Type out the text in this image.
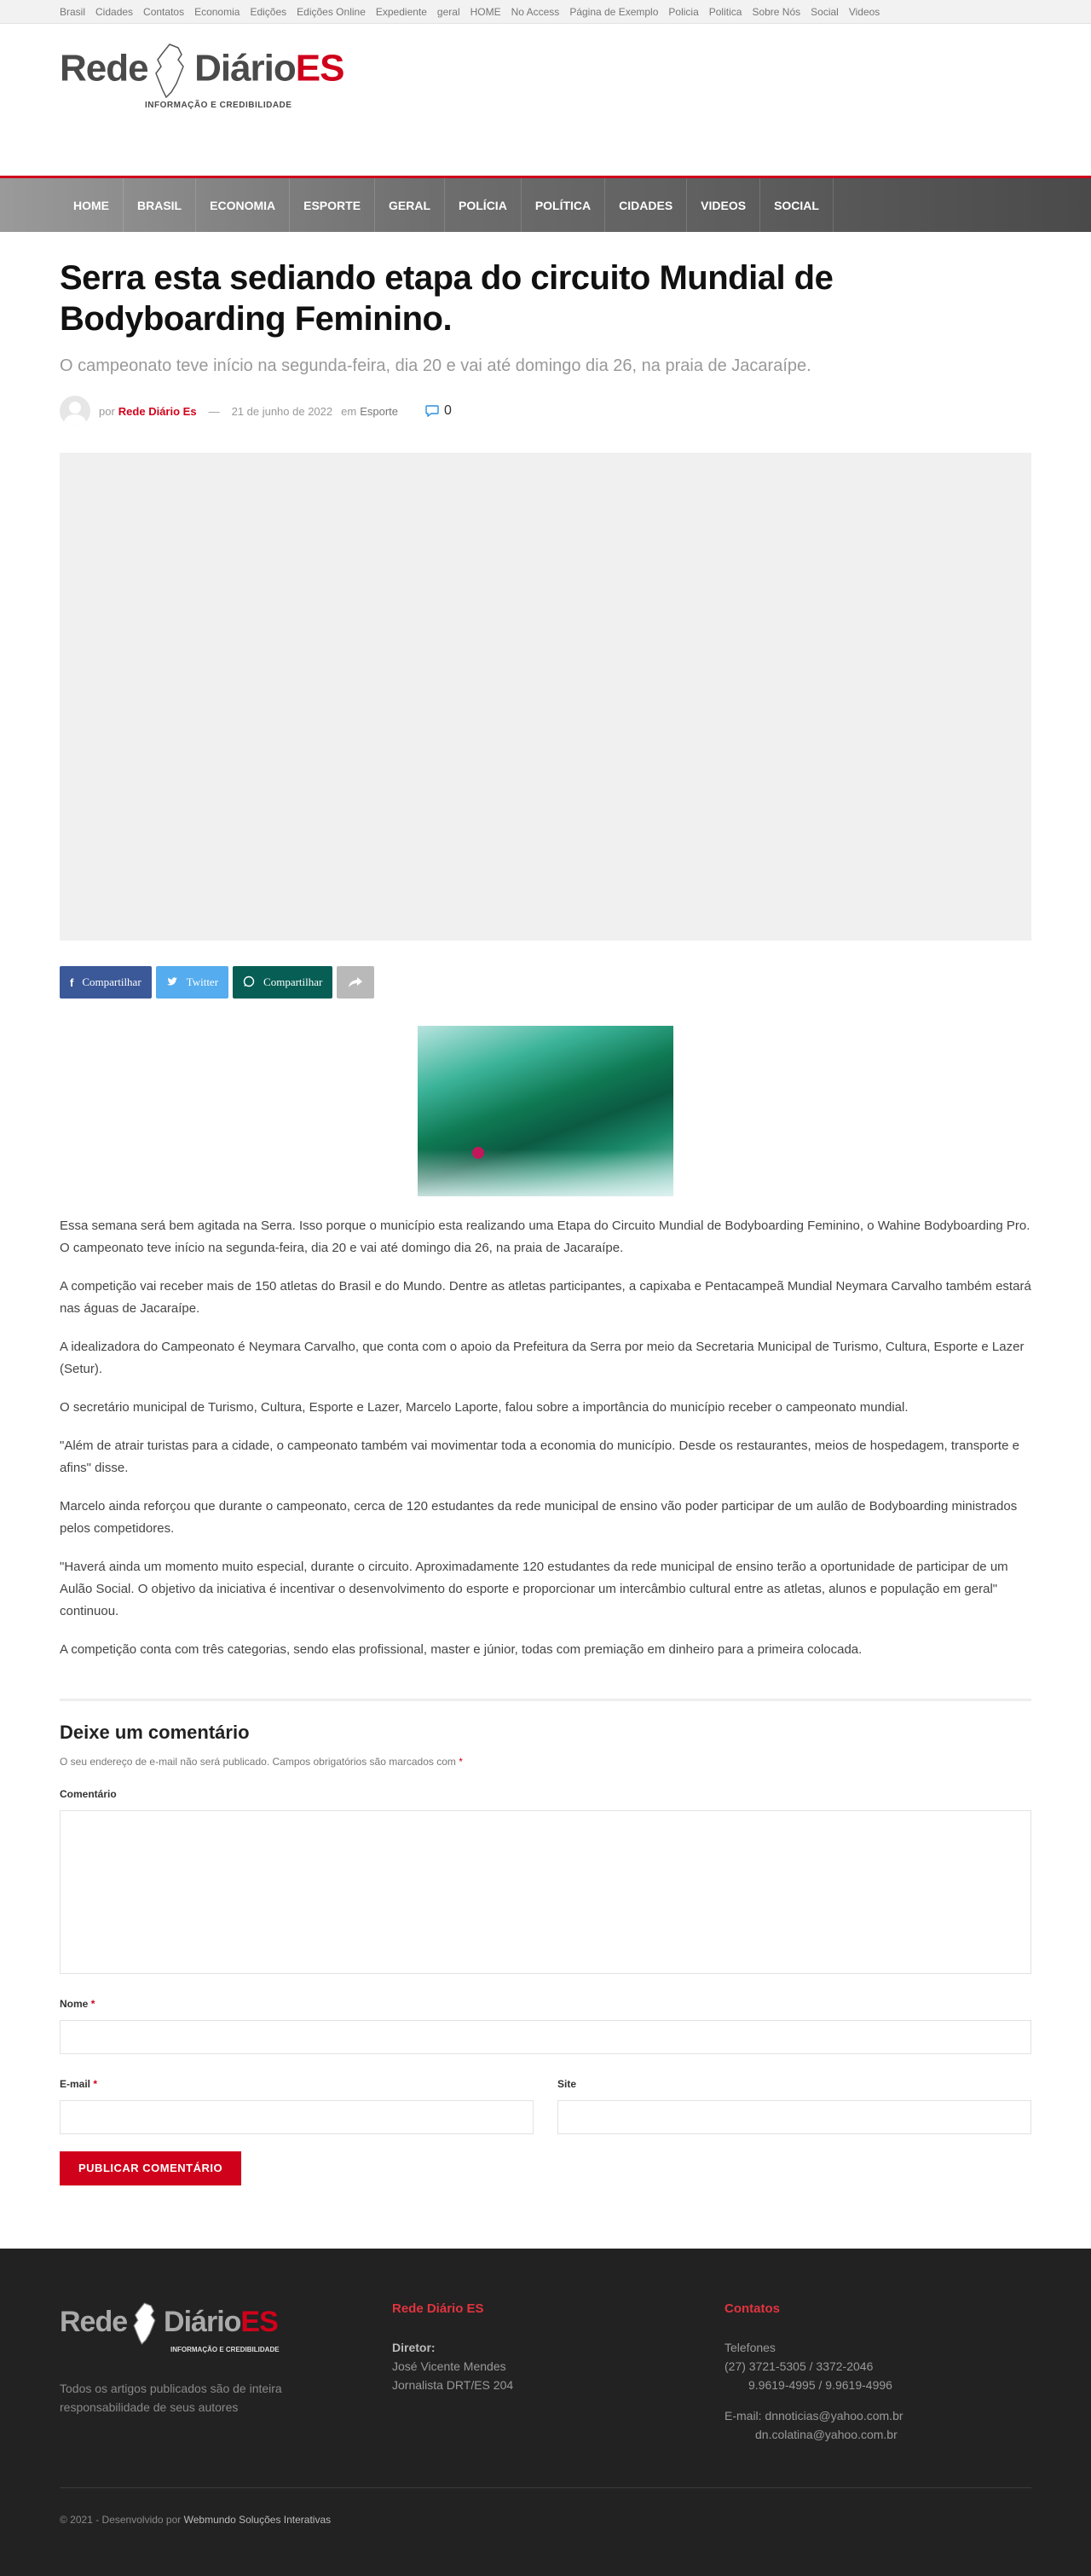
Brasil Cidades Contatos Economia Edições Edições Online Expediente geral HOME No Access Página de Exemplo Policia Politica Sobre Nós Social Videos
Rede DiárioES
INFORMAÇÃO E CREDIBILIDADE
HOME	BRASIL	ECONOMIA	ESPORTE	GERAL	POLÍCIA	POLÍTICA	CIDADES	VIDEOS	SOCIAL
Serra esta sediando etapa do circuito Mundial de Bodyboarding Feminino.
O campeonato teve início na segunda-feira, dia 20 e vai até domingo dia 26, na praia de Jacaraípe.
por Rede Diário Es — 21 de junho de 2022 em Esporte	0
f Compartilhar	Twitter	Compartilhar

Essa semana será bem agitada na Serra. Isso porque o município esta realizando uma Etapa do Circuito Mundial de Bodyboarding Feminino, o Wahine Bodyboarding Pro. O campeonato teve início na segunda-feira, dia 20 e vai até domingo dia 26, na praia de Jacaraípe.

A competição vai receber mais de 150 atletas do Brasil e do Mundo. Dentre as atletas participantes, a capixaba e Pentacampeã Mundial Neymara Carvalho também estará nas águas de Jacaraípe.

A idealizadora do Campeonato é Neymara Carvalho, que conta com o apoio da Prefeitura da Serra por meio da Secretaria Municipal de Turismo, Cultura, Esporte e Lazer (Setur).

O secretário municipal de Turismo, Cultura, Esporte e Lazer, Marcelo Laporte, falou sobre a importância do município receber o campeonato mundial.

"Além de atrair turistas para a cidade, o campeonato também vai movimentar toda a economia do município. Desde os restaurantes, meios de hospedagem, transporte e afins" disse.

Marcelo ainda reforçou que durante o campeonato, cerca de 120 estudantes da rede municipal de ensino vão poder participar de um aulão de Bodyboarding ministrados pelos competidores.

"Haverá ainda um momento muito especial, durante o circuito. Aproximadamente 120 estudantes da rede municipal de ensino terão a oportunidade de participar de um Aulão Social. O objetivo da iniciativa é incentivar o desenvolvimento do esporte e proporcionar um intercâmbio cultural entre as atletas, alunos e população em geral" continuou.

A competição conta com três categorias, sendo elas profissional, master e júnior, todas com premiação em dinheiro para a primeira colocada.

Deixe um comentário
O seu endereço de e-mail não será publicado. Campos obrigatórios são marcados com *
Comentário
Nome *
E-mail *	Site
PUBLICAR COMENTÁRIO
Rede DiárioES
INFORMAÇÃO E CREDIBILIDADE
Todos os artigos publicados são de inteira responsabilidade de seus autores
Rede Diário ES
Diretor:
José Vicente Mendes
Jornalista DRT/ES 204
Contatos
Telefones
(27) 3721-5305 / 3372-2046
9.9619-4995 / 9.9619-4996
E-mail: dnnoticias@yahoo.com.br
dn.colatina@yahoo.com.br
© 2021 - Desenvolvido por Webmundo Soluções Interativas
